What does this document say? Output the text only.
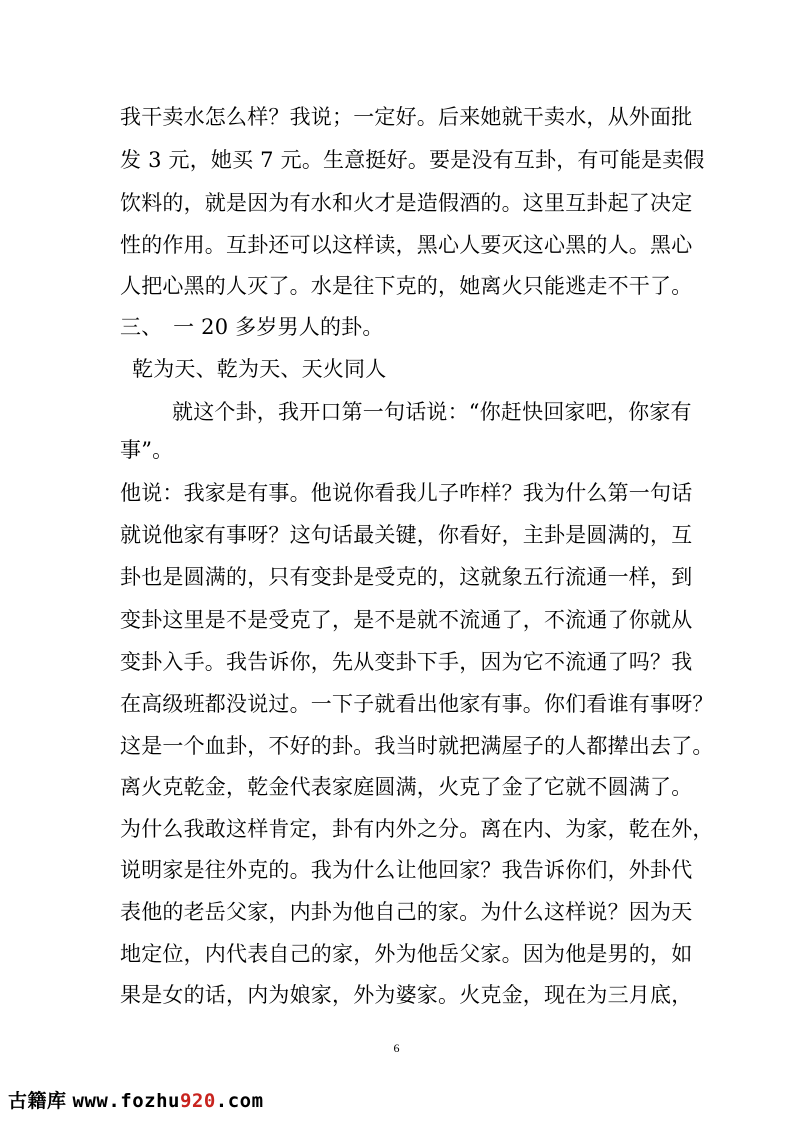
我干卖水怎么样？我说；一定好。后来她就干卖水，从外面批
发 3 元，她买 7 元。生意挺好。要是没有互卦，有可能是卖假
饮料的，就是因为有水和火才是造假酒的。这里互卦起了决定
性的作用。互卦还可以这样读，黑心人要灭这心黑的人。黑心
人把心黑的人灭了。水是往下克的，她离火只能逃走不干了。
三、　一 20 多岁男人的卦。
乾为天、乾为天、天火同人
就这个卦，我开口第一句话说：“你赶快回家吧，你家有
事”。
他说：我家是有事。他说你看我儿子咋样？我为什么第一句话
就说他家有事呀？这句话最关键，你看好，主卦是圆满的，互
卦也是圆满的，只有变卦是受克的，这就象五行流通一样，到
变卦这里是不是受克了，是不是就不流通了，不流通了你就从
变卦入手。我告诉你，先从变卦下手，因为它不流通了吗？我
在高级班都没说过。一下子就看出他家有事。你们看谁有事呀？
这是一个血卦，不好的卦。我当时就把满屋子的人都撵出去了。
离火克乾金，乾金代表家庭圆满，火克了金了它就不圆满了。
为什么我敢这样肯定，卦有内外之分。离在内、为家，乾在外，
说明家是往外克的。我为什么让他回家？我告诉你们，外卦代
表他的老岳父家，内卦为他自己的家。为什么这样说？因为天
地定位，内代表自己的家，外为他岳父家。因为他是男的，如
果是女的话，内为娘家，外为婆家。火克金，现在为三月底，
6
古籍库 www.fozhu920.com
